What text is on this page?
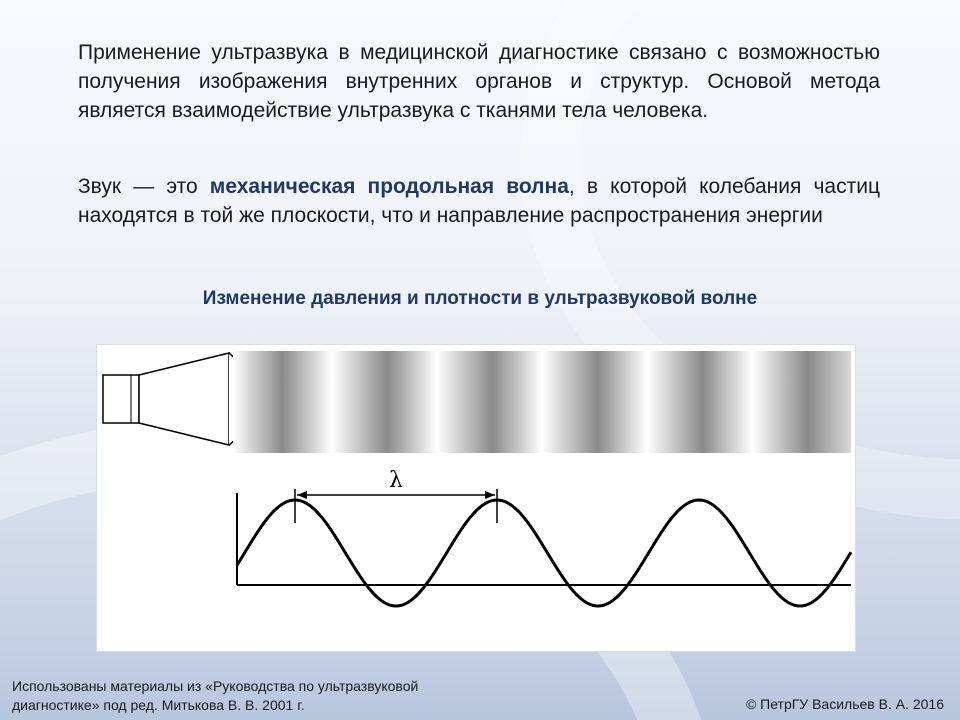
Применение ультразвука в медицинской диагностике связано с возможностью получения изображения внутренних органов и структур. Основой метода является взаимодействие ультразвука с тканями тела человека.

Звук — это механическая продольная волна, в которой колебания частиц находятся в той же плоскости, что и направление распространения энергии

Изменение давления и плотности в ультразвуковой волне

λ

Использованы материалы из «Руководства по ультразвуковой
диагностике» под ред. Митькова В. В. 2001 г.	© ПетрГУ Васильев В. А. 2016
